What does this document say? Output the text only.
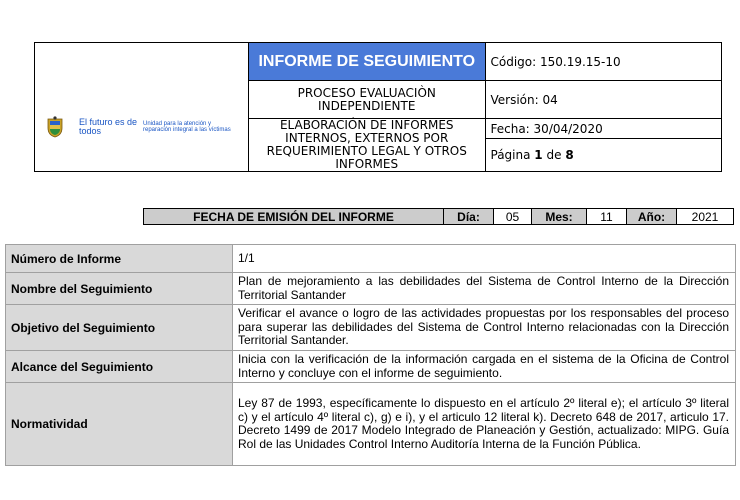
El futuro es de todos
Unidad para la atención y reparación integral a las víctimas	INFORME DE SEGUIMIENTO	Código: 150.19.15-10
	PROCESO EVALUACIÒN INDEPENDIENTE	Versión: 04
	ELABORACIÓN DE INFORMES INTERNOS, EXTERNOS POR REQUERIMIENTO LEGAL Y OTROS INFORMES	Fecha: 30/04/2020
		Página 1 de 8
FECHA DE EMISIÓN DEL INFORME	Día:	05	Mes:	11	Año:	2021
Número de Informe	1/1
Nombre del Seguimiento	Plan de mejoramiento a las debilidades del Sistema de Control Interno de la Dirección Territorial Santander
Objetivo del Seguimiento	Verificar el avance o logro de las actividades propuestas por los responsables del proceso para superar las debilidades del Sistema de Control Interno relacionadas con la Dirección Territorial Santander.
Alcance del Seguimiento	Inicia con la verificación de la información cargada en el sistema de la Oficina de Control Interno y concluye con el informe de seguimiento.
Normatividad	Ley 87 de 1993, específicamente lo dispuesto en el artículo 2º literal e); el artículo 3º literal c) y el artículo 4º literal c), g) e i), y el articulo 12 literal k). Decreto 648 de 2017, articulo 17. Decreto 1499 de 2017 Modelo Integrado de Planeación y Gestión, actualizado: MIPG. Guía Rol de las Unidades Control Interno Auditoría Interna de la Función Pública.
